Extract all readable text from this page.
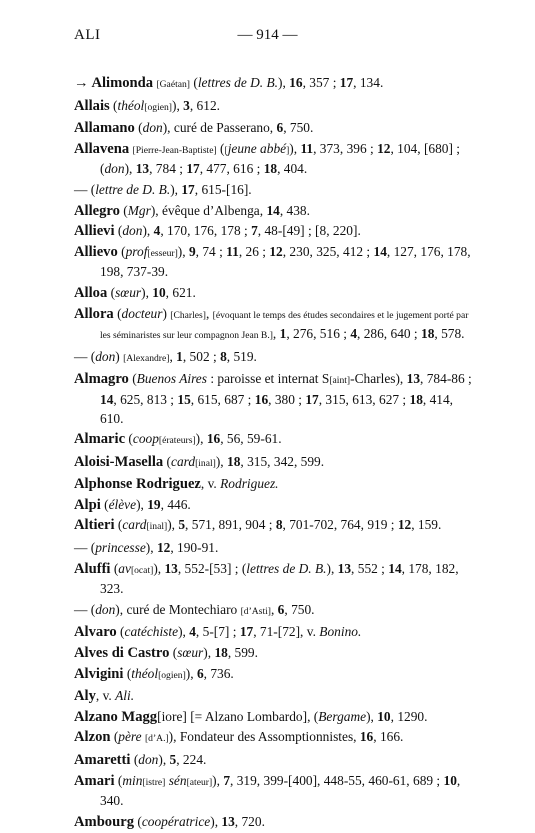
ALI	— 914 —
→ Alimonda [Gaétan] (lettres de D. B.), 16, 357 ; 17, 134.
Allais (théol[ogien]), 3, 612.
Allamano (don), curé de Passerano, 6, 750.
Allavena [Pierre-Jean-Baptiste] ([jeune abbé]), 11, 373, 396 ; 12, 104, [680] ; (don), 13, 784 ; 17, 477, 616 ; 18, 404.
— (lettre de D. B.), 17, 615-[16].
Allegro (Mgr), évêque d’Albenga, 14, 438.
Allievi (don), 4, 170, 176, 178 ; 7, 48-[49] ; [8, 220].
Allievo (prof[esseur]), 9, 74 ; 11, 26 ; 12, 230, 325, 412 ; 14, 127, 176, 178, 198, 737-39.
Alloa (sœur), 10, 621.
Allora (docteur) [Charles], [évoquant le temps des études secondaires et le jugement porté par les séminaristes sur leur compagnon Jean B.], 1, 276, 516 ; 4, 286, 640 ; 18, 578.
— (don) [Alexandre], 1, 502 ; 8, 519.
Almagro (Buenos Aires : paroisse et internat S[aint]-Charles), 13, 784-86 ; 14, 625, 813 ; 15, 615, 687 ; 16, 380 ; 17, 315, 613, 627 ; 18, 414, 610.
Almaric (coop[érateurs]), 16, 56, 59-61.
Aloisi-Masella (card[inal]), 18, 315, 342, 599.
Alphonse Rodriguez, v. Rodriguez.
Alpi (élève), 19, 446.
Altieri (card[inal]), 5, 571, 891, 904 ; 8, 701-702, 764, 919 ; 12, 159.
— (princesse), 12, 190-91.
Aluffi (av[ocat]), 13, 552-[53] ; (lettres de D. B.), 13, 552 ; 14, 178, 182, 323.
— (don), curé de Montechiaro [d’Asti], 6, 750.
Alvaro (catéchiste), 4, 5-[7] ; 17, 71-[72], v. Bonino.
Alves di Castro (sœur), 18, 599.
Alvigini (théol[ogien]), 6, 736.
Aly, v. Ali.
Alzano Magg[iore] [= Alzano Lombardo], (Bergame), 10, 1290.
Alzon (père [d’A.]), Fondateur des Assomptionnistes, 16, 166.
Amaretti (don), 5, 224.
Amari (min[istre] sén[ateur]), 7, 319, 399-[400], 448-55, 460-61, 689 ; 10, 340.
Ambourg (coopératrice), 13, 720.
